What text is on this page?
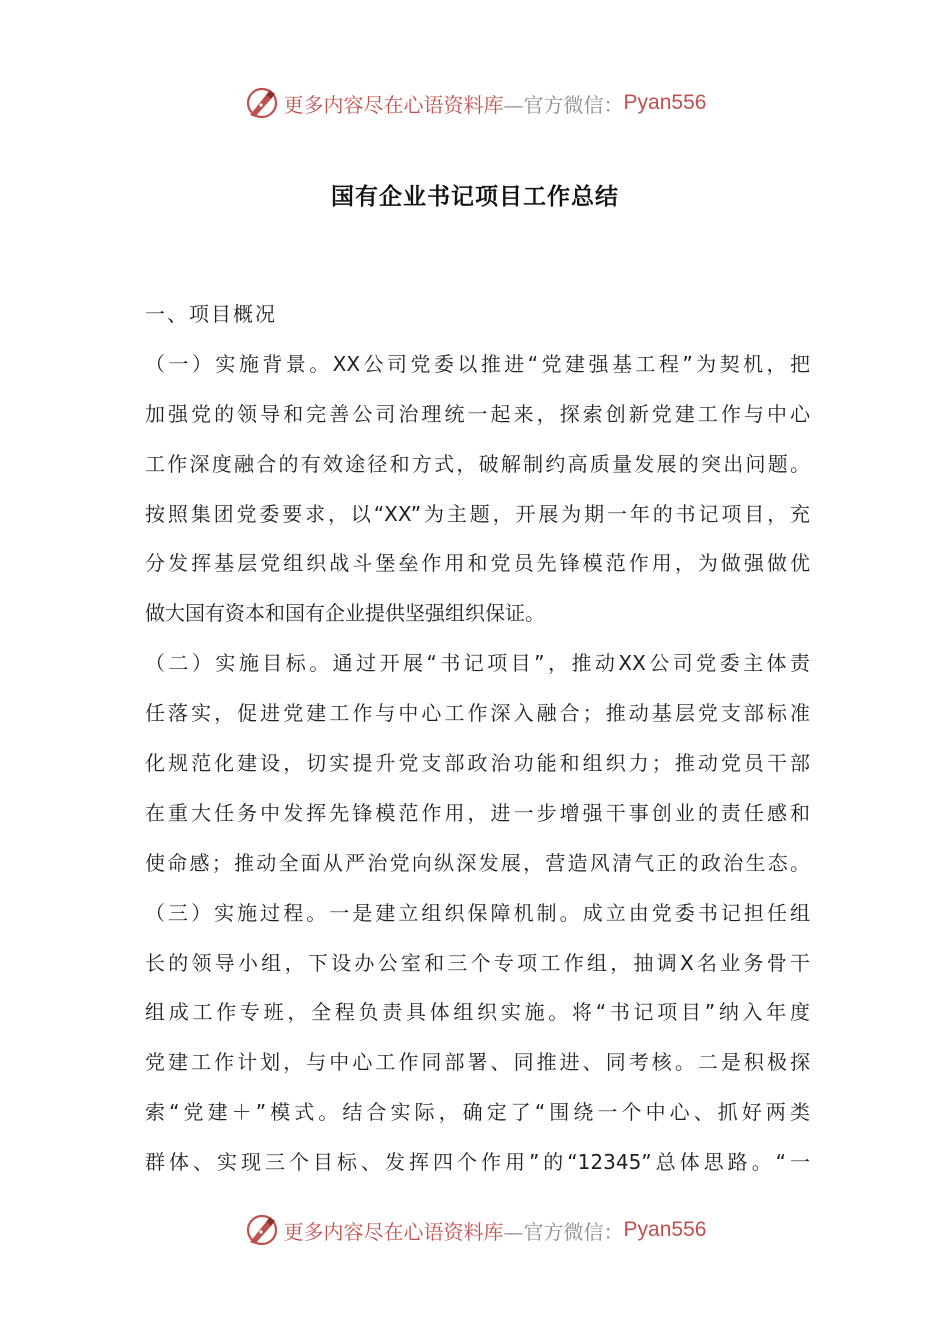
更多内容尽在心语资料库—官方微信： Pyan556
国有企业书记项目工作总结
一、项目概况
（一）实施背景。XX公司党委以推进“党建强基工程”为契机，把
加强党的领导和完善公司治理统一起来，探索创新党建工作与中心
工作深度融合的有效途径和方式，破解制约高质量发展的突出问题。
按照集团党委要求，以“XX”为主题，开展为期一年的书记项目，充
分发挥基层党组织战斗堡垒作用和党员先锋模范作用，为做强做优
做大国有资本和国有企业提供坚强组织保证。
（二）实施目标。通过开展“书记项目”，推动XX公司党委主体责
任落实，促进党建工作与中心工作深入融合；推动基层党支部标准
化规范化建设，切实提升党支部政治功能和组织力；推动党员干部
在重大任务中发挥先锋模范作用，进一步增强干事创业的责任感和
使命感；推动全面从严治党向纵深发展，营造风清气正的政治生态。
（三）实施过程。一是建立组织保障机制。成立由党委书记担任组
长的领导小组，下设办公室和三个专项工作组，抽调X名业务骨干
组成工作专班，全程负责具体组织实施。将“书记项目”纳入年度
党建工作计划，与中心工作同部署、同推进、同考核。二是积极探
索“党建＋”模式。结合实际，确定了“围绕一个中心、抓好两类
群体、实现三个目标、发挥四个作用”的“12345”总体思路。“一
更多内容尽在心语资料库—官方微信： Pyan556
